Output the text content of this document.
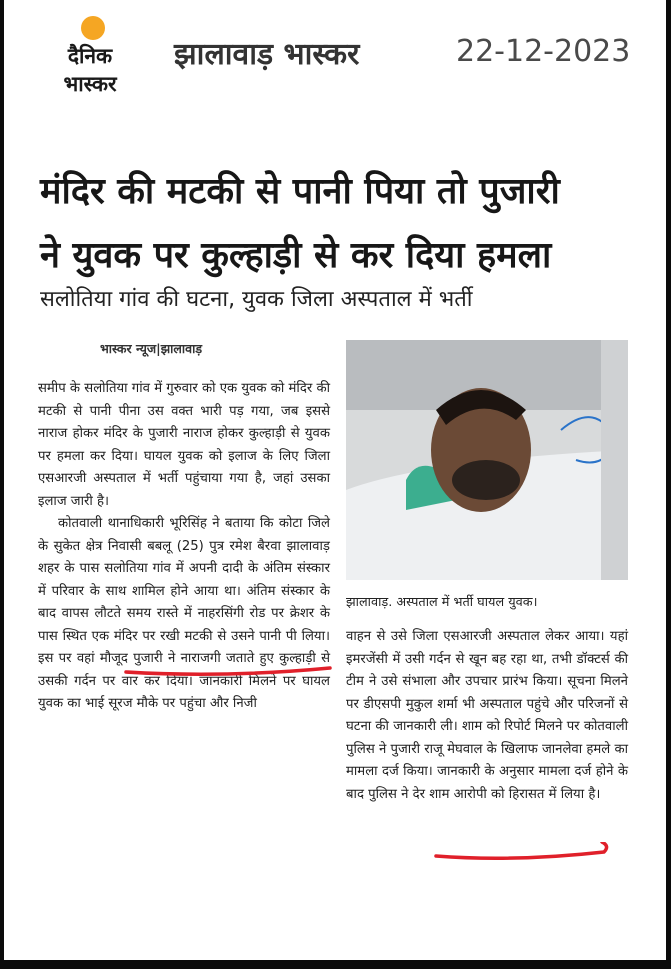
दैनिक
भास्कर
झालावाड़ भास्कर	22-12-2023
मंदिर की मटकी से पानी पिया तो पुजारी
ने युवक पर कुल्हाड़ी से कर दिया हमला
सलोतिया गांव की घटना, युवक जिला अस्पताल में भर्ती
भास्कर न्यूज|झालावाड़

समीप के सलोतिया गांव में गुरुवार को एक युवक को मंदिर की मटकी से पानी पीना उस वक्त भारी पड़ गया, जब इससे नाराज होकर मंदिर के पुजारी नाराज होकर कुल्हाड़ी से युवक पर हमला कर दिया। घायल युवक को इलाज के लिए जिला एसआरजी अस्पताल में भर्ती पहुंचाया गया है, जहां उसका इलाज जारी है।

कोतवाली थानाधिकारी भूरिसिंह ने बताया कि कोटा जिले के सुकेत क्षेत्र निवासी बबलू (25) पुत्र रमेश बैरवा झालावाड़ शहर के पास सलोतिया गांव में अपनी दादी के अंतिम संस्कार में परिवार के साथ शामिल होने आया था। अंतिम संस्कार के बाद वापस लौटते समय रास्ते में नाहरसिंगी रोड पर क्रेशर के पास स्थित एक मंदिर पर रखी मटकी से उसने पानी पी लिया। इस पर वहां मौजूद पुजारी ने नाराजगी जताते हुए कुल्हाड़ी से उसकी गर्दन पर वार कर दिया। जानकारी मिलने पर घायल युवक का भाई सूरज मौके पर पहुंचा और निजी

झालावाड़. अस्पताल में भर्ती घायल युवक।
वाहन से उसे जिला एसआरजी अस्पताल लेकर आया। यहां इमरजेंसी में उसी गर्दन से खून बह रहा था, तभी डॉक्टर्स की टीम ने उसे संभाला और उपचार प्रारंभ किया। सूचना मिलने पर डीएसपी मुकुल शर्मा भी अस्पताल पहुंचे और परिजनों से घटना की जानकारी ली। शाम को रिपोर्ट मिलने पर कोतवाली पुलिस ने पुजारी राजू मेघवाल के खिलाफ जानलेवा हमले का मामला दर्ज किया। जानकारी के अनुसार मामला दर्ज होने के बाद पुलिस ने देर शाम आरोपी को हिरासत में लिया है।
